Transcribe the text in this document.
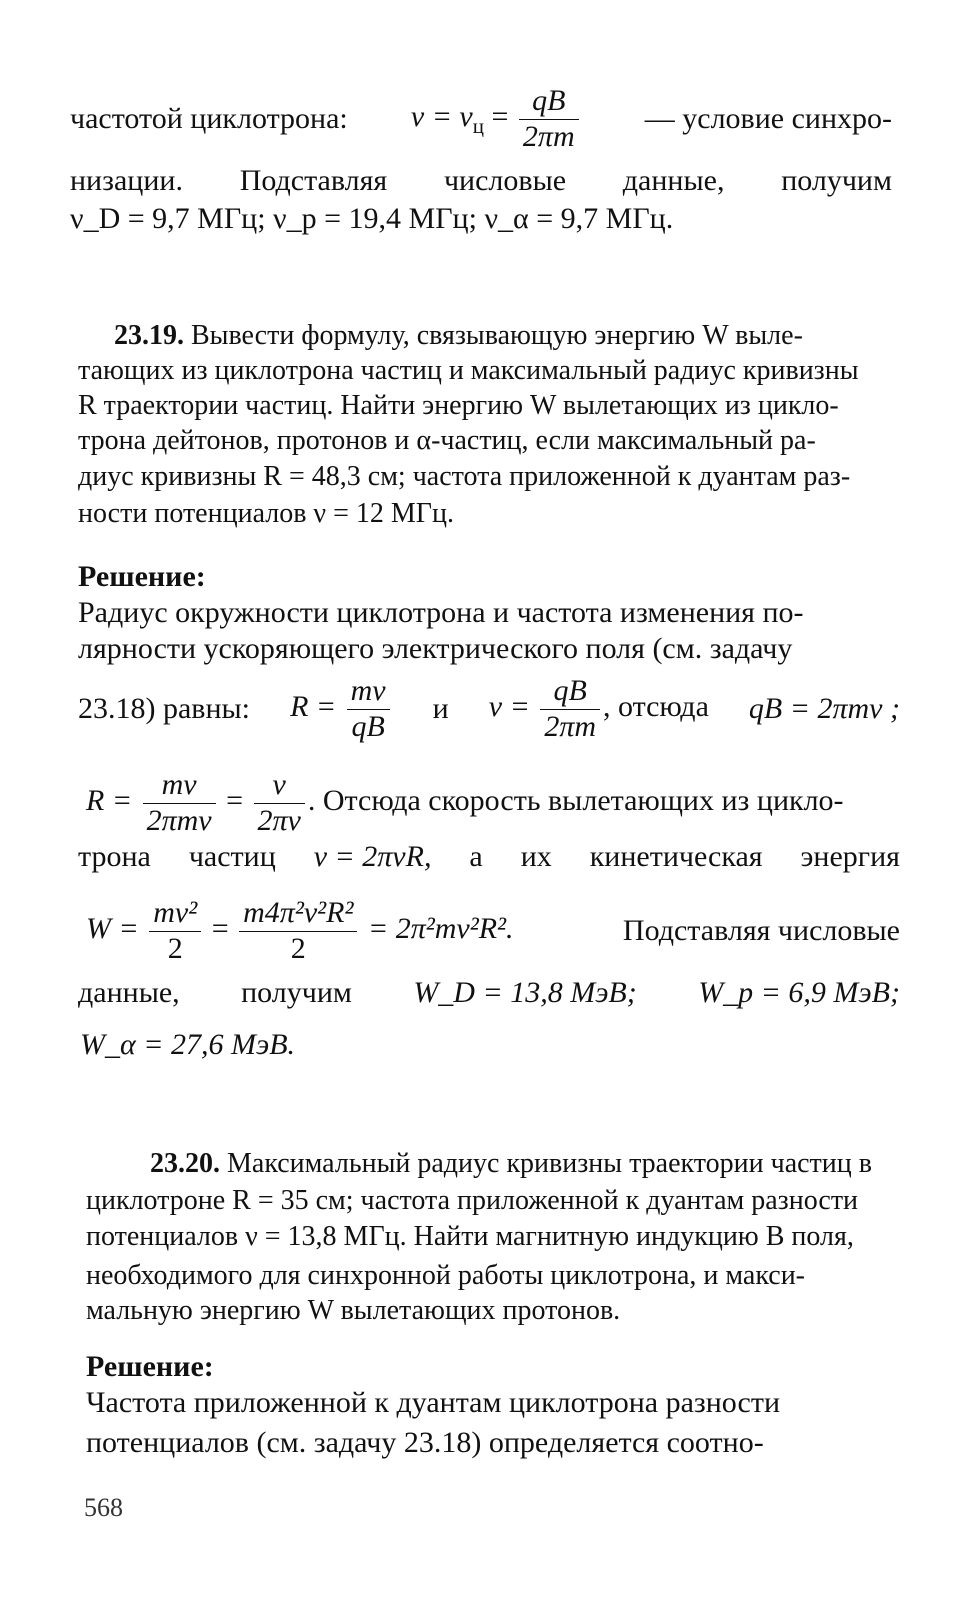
частотой циклотрона: $\nu = \nu_ц = \frac{qB}{2\pi m}$ — условие синхро-
низации. Подставляя числовые данные, получим
ν_D = 9,7 МГц; ν_p = 19,4 МГц; ν_α = 9,7 МГц.
23.19. Вывести формулу, связывающую энергию W выле-
тающих из циклотрона частиц и максимальный радиус кривизны
R траектории частиц. Найти энергию W вылетающих из цикло-
трона дейтонов, протонов и α-частиц, если максимальный ра-
диус кривизны R = 48,3 см; частота приложенной к дуантам раз-
ности потенциалов ν = 12 МГц.
Решение:
Радиус окружности циклотрона и частота изменения по-
лярности ускоряющего электрического поля (см. задачу
23.18) равны: $R = \frac{mv}{qB}$ и $\nu = \frac{qB}{2\pi m}$ , отсюда qB = 2πmν ;
$R = \frac{mv}{\text{2πmν}} = \frac{v}{2\pi\nu}$ . Отсюда скорость вылетающих из цикло-
трона частиц v = 2πνR, а их кинетическая энергия
$W = \frac{\text{mv²}}{2} = \frac{\text{m4π²ν²R²}}{2} = 2\pi^2m\nu^2R^2$.	Подставляя числовые
данные, получим W_D = 13,8 МэВ; W_p = 6,9 МэВ;
W_α = 27,6 МэВ.
23.20. Максимальный радиус кривизны траектории частиц в
циклотроне R = 35 см; частота приложенной к дуантам разности
потенциалов ν = 13,8 МГц. Найти магнитную индукцию B поля,
необходимого для синхронной работы циклотрона, и макси-
мальную энергию W вылетающих протонов.
Решение:
Частота приложенной к дуантам циклотрона разности
потенциалов (см. задачу 23.18) определяется соотно-
568
